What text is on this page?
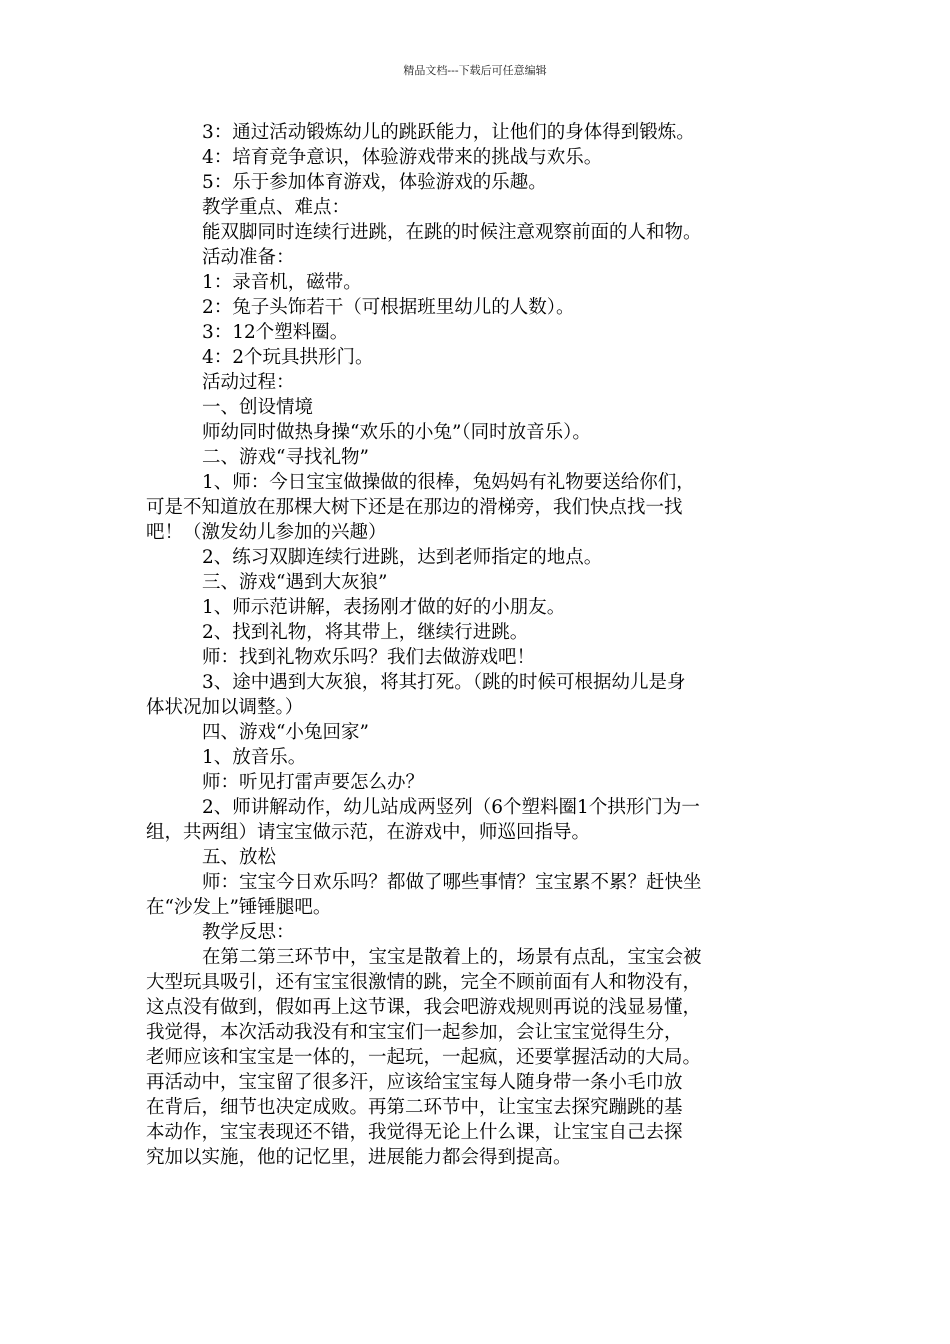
精品文档---下载后可任意编辑
3：通过活动锻炼幼儿的跳跃能力，让他们的身体得到锻炼。
4：培育竞争意识，体验游戏带来的挑战与欢乐。
5：乐于参加体育游戏，体验游戏的乐趣。
教学重点、难点：
能双脚同时连续行进跳，在跳的时候注意观察前面的人和物。
活动准备：
1：录音机，磁带。
2：兔子头饰若干（可根据班里幼儿的人数）。
3：12个塑料圈。
4：2个玩具拱形门。
活动过程：
一、创设情境
师幼同时做热身操“欢乐的小兔”（同时放音乐）。
二、游戏“寻找礼物”
1、师：今日宝宝做操做的很棒，兔妈妈有礼物要送给你们，
可是不知道放在那棵大树下还是在那边的滑梯旁，我们快点找一找
吧！（激发幼儿参加的兴趣）
2、练习双脚连续行进跳，达到老师指定的地点。
三、游戏“遇到大灰狼”
1、师示范讲解，表扬刚才做的好的小朋友。
2、找到礼物，将其带上，继续行进跳。
师：找到礼物欢乐吗？我们去做游戏吧！
3、途中遇到大灰狼，将其打死。（跳的时候可根据幼儿是身
体状况加以调整。）
四、游戏“小兔回家”
1、放音乐。
师：听见打雷声要怎么办？
2、师讲解动作，幼儿站成两竖列（6个塑料圈1个拱形门为一
组，共两组）请宝宝做示范，在游戏中，师巡回指导。
五、放松
师：宝宝今日欢乐吗？都做了哪些事情？宝宝累不累？赶快坐
在“沙发上”锤锤腿吧。
教学反思：
在第二第三环节中，宝宝是散着上的，场景有点乱，宝宝会被
大型玩具吸引，还有宝宝很激情的跳，完全不顾前面有人和物没有，
这点没有做到，假如再上这节课，我会吧游戏规则再说的浅显易懂，
我觉得，本次活动我没有和宝宝们一起参加，会让宝宝觉得生分，
老师应该和宝宝是一体的，一起玩，一起疯，还要掌握活动的大局。
再活动中，宝宝留了很多汗，应该给宝宝每人随身带一条小毛巾放
在背后，细节也决定成败。再第二环节中，让宝宝去探究蹦跳的基
本动作，宝宝表现还不错，我觉得无论上什么课，让宝宝自己去探
究加以实施，他的记忆里，进展能力都会得到提高。
